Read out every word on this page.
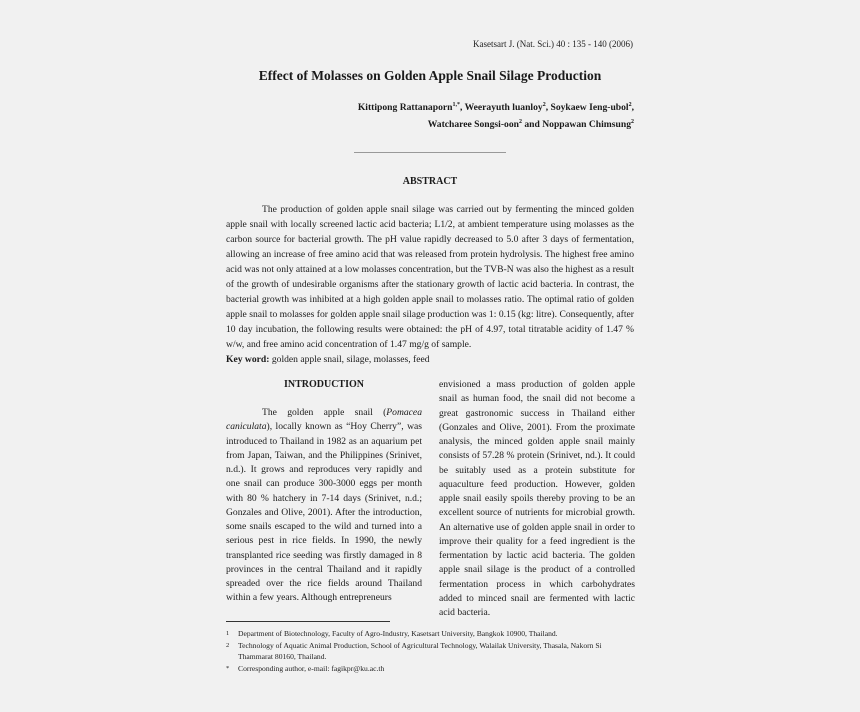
Kasetsart J. (Nat. Sci.) 40 : 135 - 140 (2006)
Effect of Molasses on Golden Apple Snail Silage Production
Kittipong Rattanaporn$^{1,*}$, Weerayuth luanloy$^2$, Soykaew Ieng-ubol$^2$,
Watcharee Songsi-oon$^2$ and Noppawan Chimsung$^2$
ABSTRACT
The production of golden apple snail silage was carried out by fermenting the minced golden apple snail with locally screened lactic acid bacteria; L1/2, at ambient temperature using molasses as the carbon source for bacterial growth. The pH value rapidly decreased to 5.0 after 3 days of fermentation, allowing an increase of free amino acid that was released from protein hydrolysis. The highest free amino acid was not only attained at a low molasses concentration, but the TVB-N was also the highest as a result of the growth of undesirable organisms after the stationary growth of lactic acid bacteria. In contrast, the bacterial growth was inhibited at a high golden apple snail to molasses ratio. The optimal ratio of golden apple snail to molasses for golden apple snail silage production was 1: 0.15 (kg: litre). Consequently, after 10 day incubation, the following results were obtained: the pH of 4.97, total titratable acidity of 1.47 % w/w, and free amino acid concentration of 1.47 mg/g of sample.
Key word: golden apple snail, silage, molasses, feed
INTRODUCTION

The golden apple snail (Pomacea caniculata), locally known as “Hoy Cherry”, was introduced to Thailand in 1982 as an aquarium pet from Japan, Taiwan, and the Philippines (Srinivet, n.d.). It grows and reproduces very rapidly and one snail can produce 300-3000 eggs per month with 80 % hatchery in 7-14 days (Srinivet, n.d.; Gonzales and Olive, 2001). After the introduction, some snails escaped to the wild and turned into a serious pest in rice fields. In 1990, the newly transplanted rice seeding was firstly damaged in 8 provinces in the central Thailand and it rapidly spreaded over the rice fields around Thailand within a few years. Although entrepreneurs

envisioned a mass production of golden apple snail as human food, the snail did not become a great gastronomic success in Thailand either (Gonzales and Olive, 2001). From the proximate analysis, the minced golden apple snail mainly consists of 57.28 % protein (Srinivet, nd.). It could be suitably used as a protein substitute for aquaculture feed production. However, golden apple snail easily spoils thereby proving to be an excellent source of nutrients for microbial growth. An alternative use of golden apple snail in order to improve their quality for a feed ingredient is the fermentation by lactic acid bacteria. The golden apple snail silage is the product of a controlled fermentation process in which carbohydrates added to minced snail are fermented with lactic acid bacteria.

1 Department of Biotechnology, Faculty of Agro-Industry, Kasetsart University, Bangkok 10900, Thailand.
2 Technology of Aquatic Animal Production, School of Agricultural Technology, Walailak University, Thasala, Nakorn Si Thammarat 80160, Thailand.
* Corresponding author, e-mail: fagikpr@ku.ac.th
